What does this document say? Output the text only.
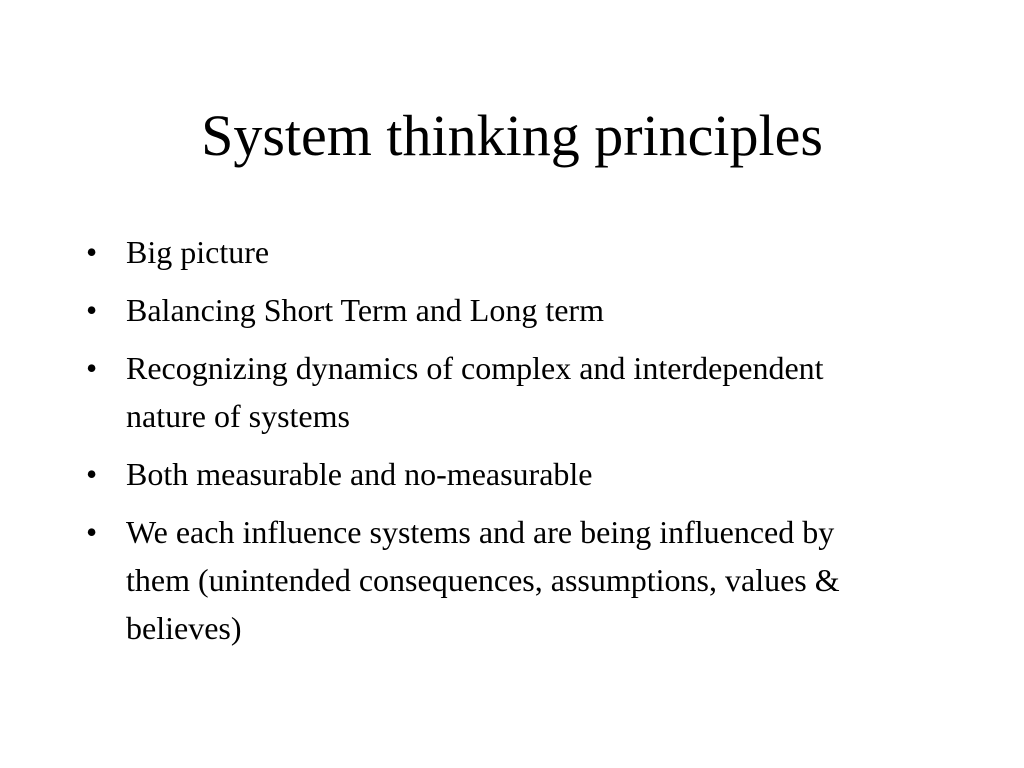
System thinking principles
• Big picture
• Balancing Short Term and Long term
• Recognizing dynamics of complex and interdependent nature of systems
• Both measurable and no-measurable
• We each influence systems and are being influenced by them (unintended consequences, assumptions, values & believes)
